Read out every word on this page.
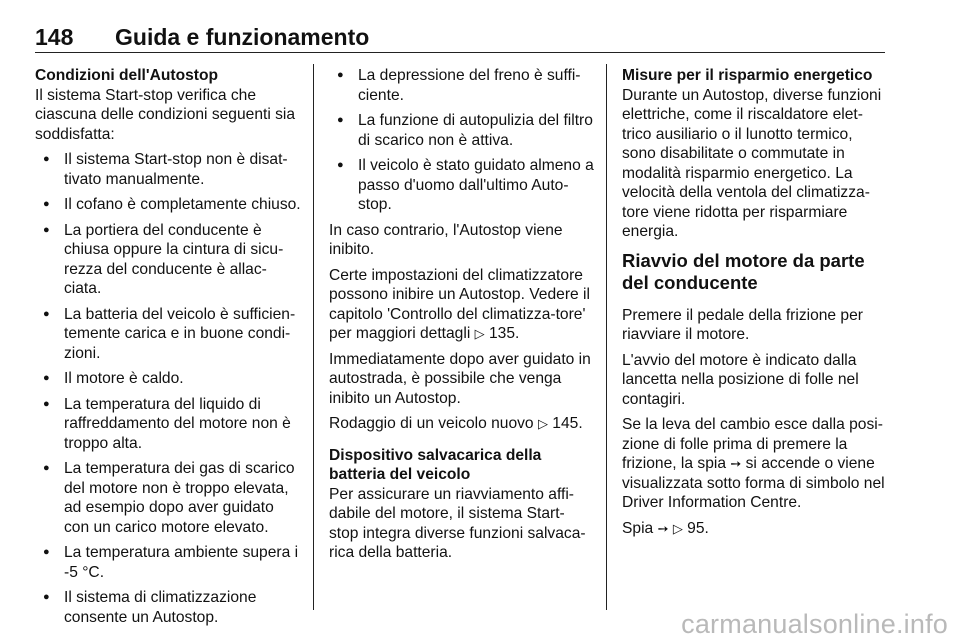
148 Guida e funzionamento
Condizioni dell'Autostop

Il sistema Start-stop verifica che ciascuna delle condizioni seguenti sia soddisfatta:

● Il sistema Start-stop non è disat-tivato manualmente.
● Il cofano è completamente chiuso.
● La portiera del conducente è chiusa oppure la cintura di sicu-rezza del conducente è allac-ciata.
● La batteria del veicolo è sufficien-temente carica e in buone condi-zioni.
● Il motore è caldo.
● La temperatura del liquido di raffreddamento del motore non è troppo alta.
● La temperatura dei gas di scarico del motore non è troppo elevata, ad esempio dopo aver guidato con un carico motore elevato.
● La temperatura ambiente supera i -5 °C.
● Il sistema di climatizzazione consente un Autostop.
● La depressione del freno è suffi-ciente.
● La funzione di autopulizia del filtro di scarico non è attiva.
● Il veicolo è stato guidato almeno a passo d'uomo dall'ultimo Auto-stop.

In caso contrario, l'Autostop viene inibito.

Certe impostazioni del climatizzatore possono inibire un Autostop. Vedere il capitolo 'Controllo del climatizza-tore' per maggiori dettagli ▷ 135.

Immediatamente dopo aver guidato in autostrada, è possibile che venga inibito un Autostop.

Rodaggio di un veicolo nuovo ▷ 145.

Dispositivo salvacarica della batteria del veicolo

Per assicurare un riavviamento affi-dabile del motore, il sistema Start-stop integra diverse funzioni salvaca-rica della batteria.

Misure per il risparmio energetico

Durante un Autostop, diverse funzioni elettriche, come il riscaldatore elet-trico ausiliario o il lunotto termico, sono disabilitate o commutate in modalità risparmio energetico. La velocità della ventola del climatizza-tore viene ridotta per risparmiare energia.

Riavvio del motore da parte del conducente

Premere il pedale della frizione per riavviare il motore.

L'avvio del motore è indicato dalla lancetta nella posizione di folle nel contagiri.

Se la leva del cambio esce dalla posi-zione di folle prima di premere la frizione, la spia ➙ si accende o viene visualizzata sotto forma di simbolo nel Driver Information Centre.

Spia ➙ ▷ 95.

carmanualsonline.info
